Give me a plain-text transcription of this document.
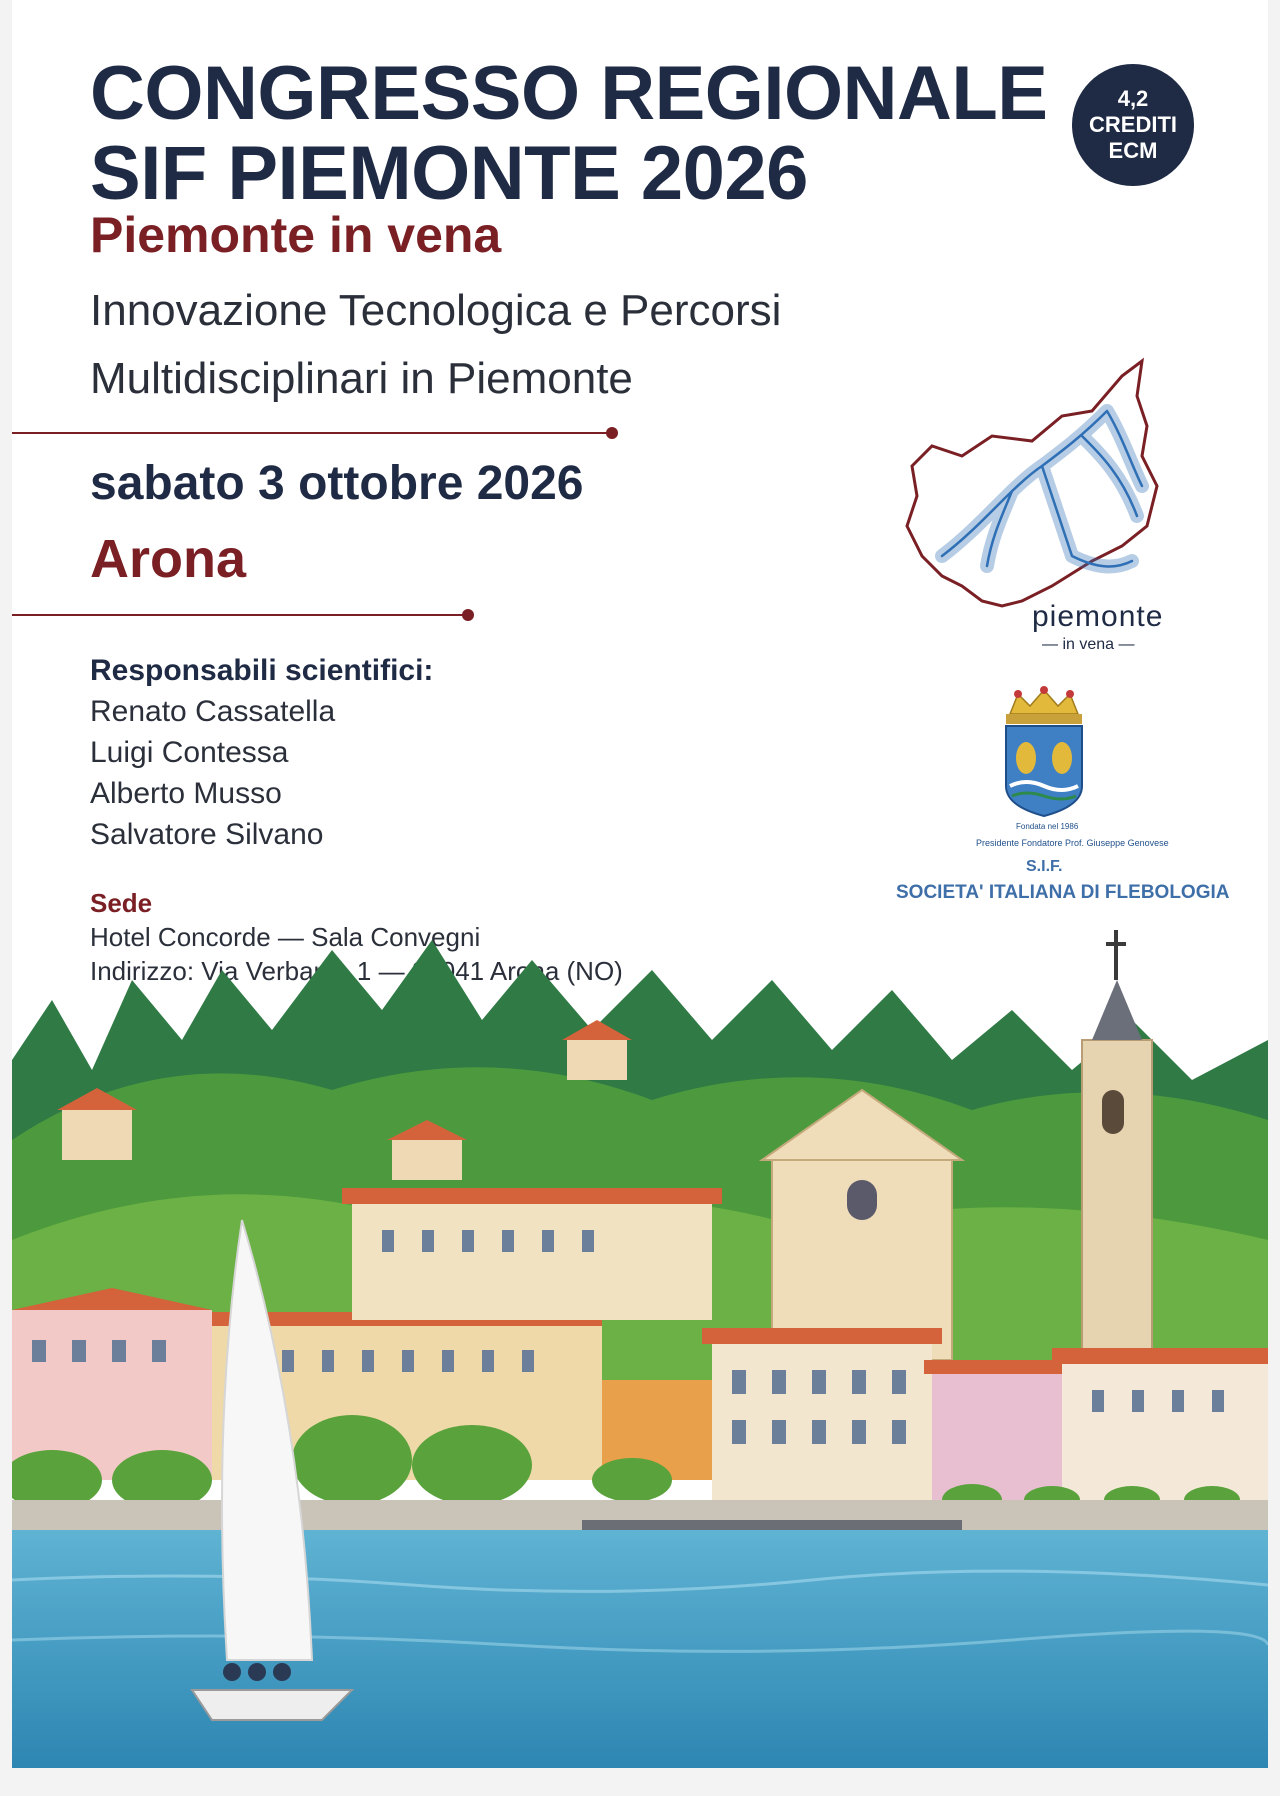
CONGRESSO REGIONALE
SIF PIEMONTE 2026
4,2
CREDITI
ECM
Piemonte in vena
Innovazione Tecnologica e Percorsi
Multidisciplinari in Piemonte
sabato 3 ottobre 2026
Arona
Responsabili scientifici:
Renato Cassatella
Luigi Contessa
Alberto Musso
Salvatore Silvano
Sede
Hotel Concorde — Sala Convegni
Indirizzo: Via Verbano, 1 — 28041 Arona (NO)
piemonte
— in vena —
Fondata nel 1986
Presidente Fondatore Prof. Giuseppe Genovese
S.I.F.
SOCIETA' ITALIANA DI FLEBOLOGIA
